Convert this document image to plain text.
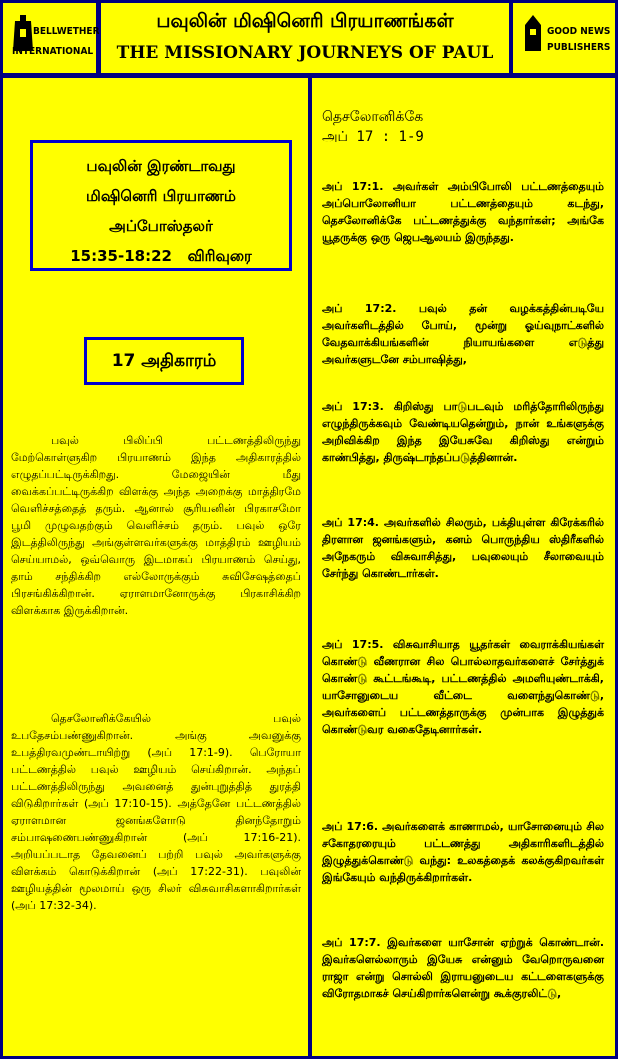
BELLWETHER
INTERNATIONAL
பவுலின் மிஷினெரி பிரயாணங்கள்
THE MISSIONARY JOURNEYS OF PAUL
GOOD NEWS
PUBLISHERS
பவுலின் இரண்டாவது
மிஷினெரி பிரயாணம்
அப்போஸ்தலர்
15:35-18:22   விரிவுரை
17 அதிகாரம்
பவுல் பிலிப்பி பட்டணத்திலிருந்து மேற்கொள்ளுகிற பிரயாணம் இந்த அதிகாரத்தில் எழுதப்பட்டிருக்கிறது. மேஜையின் மீது வைக்கப்பட்டிருக்கிற விளக்கு அந்த அறைக்கு மாத்திரமே வெளிச்சத்தைத் தரும். ஆனால் சூரியனின் பிரகாசமோ பூமி முழுவதற்கும் வெளிச்சம் தரும். பவுல் ஒரே இடத்திலிருந்து அங்குள்ளவர்களுக்கு மாத்திரம் ஊழியம் செய்யாமல், ஒவ்வொரு இடமாகப் பிரயாணம் செய்து, தாம் சந்திக்கிற எல்லோருக்கும் சுவிசேஷத்தைப் பிரசங்கிக்கிறான். ஏராளமானோருக்கு பிரகாசிக்கிற விளக்காக இருக்கிறான்.
தெசலோனிக்கேயில் பவுல் உபதேசம்பண்ணுகிறான். அங்கு அவனுக்கு உபத்திரவமுண்டாயிற்று (அப் 17:1-9). பெரோயா பட்டணத்தில் பவுல் ஊழியம் செய்கிறான். அந்தப் பட்டணத்திலிருந்து அவனைத் துன்புறுத்தித் துரத்தி விடுகிறார்கள் (அப் 17:10-15). அத்தேனே பட்டணத்தில் ஏராளமான ஜனங்களோடு தினந்தோறும் சம்பாஷணைபண்ணுகிறான் (அப் 17:16-21). அறியப்படாத தேவனைப் பற்றி பவுல் அவர்களுக்கு விளக்கம் கொடுக்கிறான் (அப் 17:22-31). பவுலின் ஊழியத்தின் மூலமாய் ஒரு சிலர் விசுவாசிகளாகிறார்கள் (அப் 17:32-34).
தெசலோனிக்கே
அப் 17 : 1-9
அப் 17:1. அவர்கள் அம்பிபோலி பட்டணத்தையும் அப்பொலோனியா பட்டணத்தையும் கடந்து, தெசலோனிக்கே பட்டணத்துக்கு வந்தார்கள்; அங்கே யூதருக்கு ஒரு ஜெபஆலயம் இருந்தது.
அப் 17:2. பவுல் தன் வழக்கத்தின்படியே அவர்களிடத்தில் போய், மூன்று ஓய்வுநாட்களில் வேதவாக்கியங்களின் நியாயங்களை எடுத்து அவர்களுடனே சம்பாஷித்து,
அப் 17:3. கிறிஸ்து பாடுபடவும் மரித்தோரிலிருந்து எழுந்திருக்கவும் வேண்டியதென்றும், நான் உங்களுக்கு அறிவிக்கிற இந்த இயேசுவே கிறிஸ்து என்றும் காண்பித்து, திருஷ்டாந்தப்படுத்தினான்.
அப் 17:4. அவர்களில் சிலரும், பக்தியுள்ள கிரேக்கரில் திரளான ஜனங்களும், கனம் பொருந்திய ஸ்திரீகளில் அநேகரும் விசுவாசித்து, பவுலையும் சீலாவையும் சேர்ந்து கொண்டார்கள்.
அப் 17:5. விசுவாசியாத யூதர்கள் வைராக்கியங்கள் கொண்டு வீணரான சில பொல்லாதவர்களைச் சேர்த்துக் கொண்டு கூட்டங்கூடி, பட்டணத்தில் அமளியுண்டாக்கி, யாசோனுடைய வீட்டை வளைந்துகொண்டு, அவர்களைப் பட்டணத்தாருக்கு முன்பாக இழுத்துக் கொண்டுவர வகைதேடினார்கள்.
அப் 17:6. அவர்களைக் காணாமல், யாசோனையும் சில சகோதரரையும் பட்டணத்து அதிகாரிகளிடத்தில் இழுத்துக்கொண்டு வந்து: உலகத்தைக் கலக்குகிறவர்கள் இங்கேயும் வந்திருக்கிறார்கள்.
அப் 17:7. இவர்களை யாசோன் ஏற்றுக் கொண்டான். இவர்களெல்லாரும் இயேசு என்னும் வேறொருவனை ராஜா என்று சொல்லி இராயனுடைய கட்டளைகளுக்கு விரோதமாகச் செய்கிறார்களென்று கூக்குரலிட்டு,
